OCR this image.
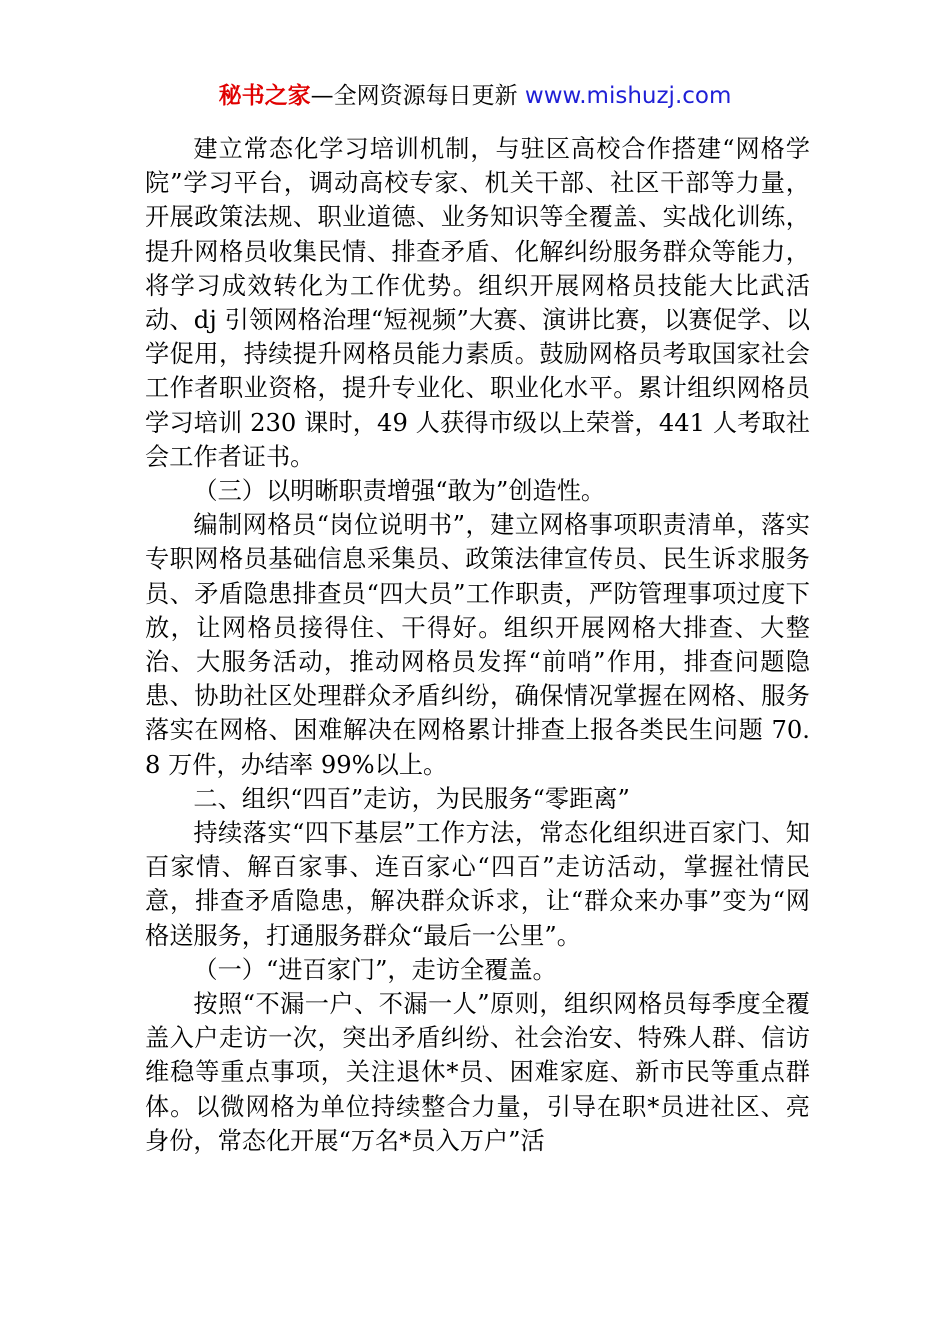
秘书之家—全网资源每日更新 www.mishuzj.com

建立常态化学习培训机制，与驻区高校合作搭建“网格学院”学习平台，调动高校专家、机关干部、社区干部等力量，开展政策法规、职业道德、业务知识等全覆盖、实战化训练，提升网格员收集民情、排查矛盾、化解纠纷服务群众等能力，将学习成效转化为工作优势。组织开展网格员技能大比武活动、dj 引领网格治理“短视频”大赛、演讲比赛，以赛促学、以学促用，持续提升网格员能力素质。鼓励网格员考取国家社会工作者职业资格，提升专业化、职业化水平。累计组织网格员学习培训 230 课时，49 人获得市级以上荣誉，441 人考取社会工作者证书。

（三）以明晰职责增强“敢为”创造性。

编制网格员“岗位说明书”，建立网格事项职责清单，落实专职网格员基础信息采集员、政策法律宣传员、民生诉求服务员、矛盾隐患排查员“四大员”工作职责，严防管理事项过度下放，让网格员接得住、干得好。组织开展网格大排查、大整治、大服务活动，推动网格员发挥“前哨”作用，排查问题隐患、协助社区处理群众矛盾纠纷，确保情况掌握在网格、服务落实在网格、困难解决在网格累计排查上报各类民生问题 70.8 万件，办结率 99%以上。

二、组织“四百”走访，为民服务“零距离”

持续落实“四下基层”工作方法，常态化组织进百家门、知百家情、解百家事、连百家心“四百”走访活动，掌握社情民意，排查矛盾隐患，解决群众诉求，让“群众来办事”变为“网格送服务，打通服务群众“最后一公里”。

（一）“进百家门”，走访全覆盖。

按照“不漏一户、不漏一人”原则，组织网格员每季度全覆盖入户走访一次，突出矛盾纠纷、社会治安、特殊人群、信访维稳等重点事项，关注退休*员、困难家庭、新市民等重点群体。以微网格为单位持续整合力量，引导在职*员进社区、亮身份，常态化开展“万名*员入万户”活
